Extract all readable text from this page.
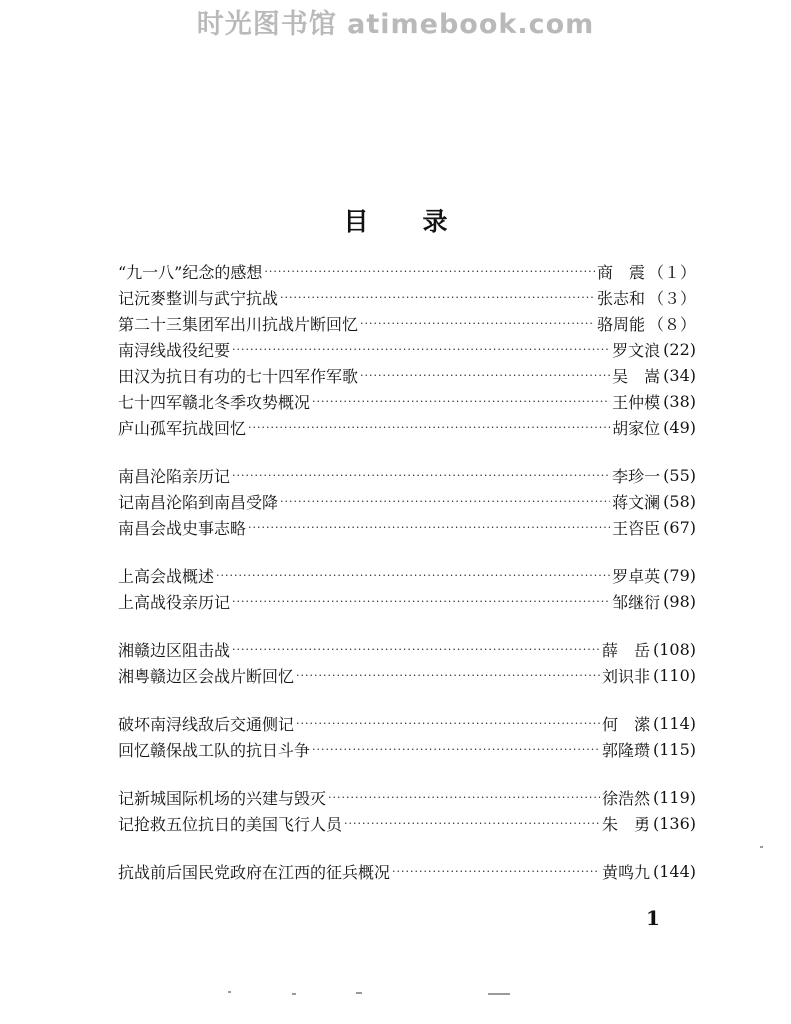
时光图书馆 atimebook.com
目录
“九一八”纪念的感想 ·····	商　震 （１）
记沅麥整训与武宁抗战 ·····	张志和 （３）
第二十三集团军出川抗战片断回忆 ·····	骆周能 （８）
南浔线战役纪要 ·····	罗文浪 (22)
田汉为抗日有功的七十四军作军歌 ·····	吴　嵩 (34)
七十四军赣北冬季攻势概况 ·····	王仲模 (38)
庐山孤军抗战回忆 ·····	胡家位 (49)
南昌沦陷亲历记 ·····	李珍一 (55)
记南昌沦陷到南昌受降 ·····	蒋文澜 (58)
南昌会战史事志略 ·····	王咨臣 (67)
上高会战概述 ·····	罗卓英 (79)
上高战役亲历记 ·····	邹继衍 (98)
湘赣边区阻击战 ·····	薛　岳 (108)
湘粤赣边区会战片断回忆 ·····	刘识非 (110)
破坏南浔线敌后交通侧记 ·····	何　潆 (114)
回忆赣保战工队的抗日斗争 ·····	郭隆瓒 (115)
记新城国际机场的兴建与毁灭 ·····	徐浩然 (119)
记抢救五位抗日的美国飞行人员 ·····	朱　勇 (136)
抗战前后国民党政府在江西的征兵概况 ·····	黄鸣九 (144)
1
